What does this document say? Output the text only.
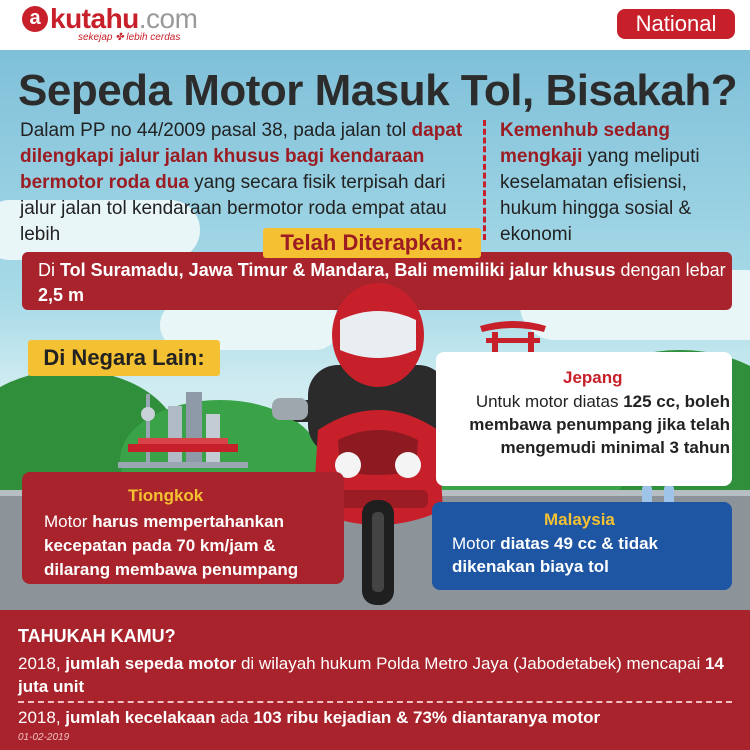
a kutahu.com
sekejap ✤ lebih cerdas
National
Sepeda Motor Masuk Tol, Bisakah?
Dalam PP no 44/2009 pasal 38, pada jalan tol dapat dilengkapi jalur jalan khusus bagi kendaraan bermotor roda dua yang secara fisik terpisah dari jalur jalan tol kendaraan bermotor roda empat atau lebih
Kemenhub sedang mengkaji yang meliputi keselamatan efisiensi, hukum hingga sosial & ekonomi
Telah Diterapkan:
Di Tol Suramadu, Jawa Timur & Mandara, Bali memiliki jalur khusus dengan lebar 2,5 m
Di Negara Lain:
Tiongkok
Motor harus mempertahankan kecepatan pada 70 km/jam & dilarang membawa penumpang
Jepang
Untuk motor diatas 125 cc, boleh membawa penumpang jika telah mengemudi minimal 3 tahun
Malaysia
Motor diatas 49 cc & tidak dikenakan biaya tol
TAHUKAH KAMU?
2018, jumlah sepeda motor di wilayah hukum Polda Metro Jaya (Jabodetabek) mencapai 14 juta unit
2018, jumlah kecelakaan ada 103 ribu kejadian & 73% diantaranya motor
01-02-2019
